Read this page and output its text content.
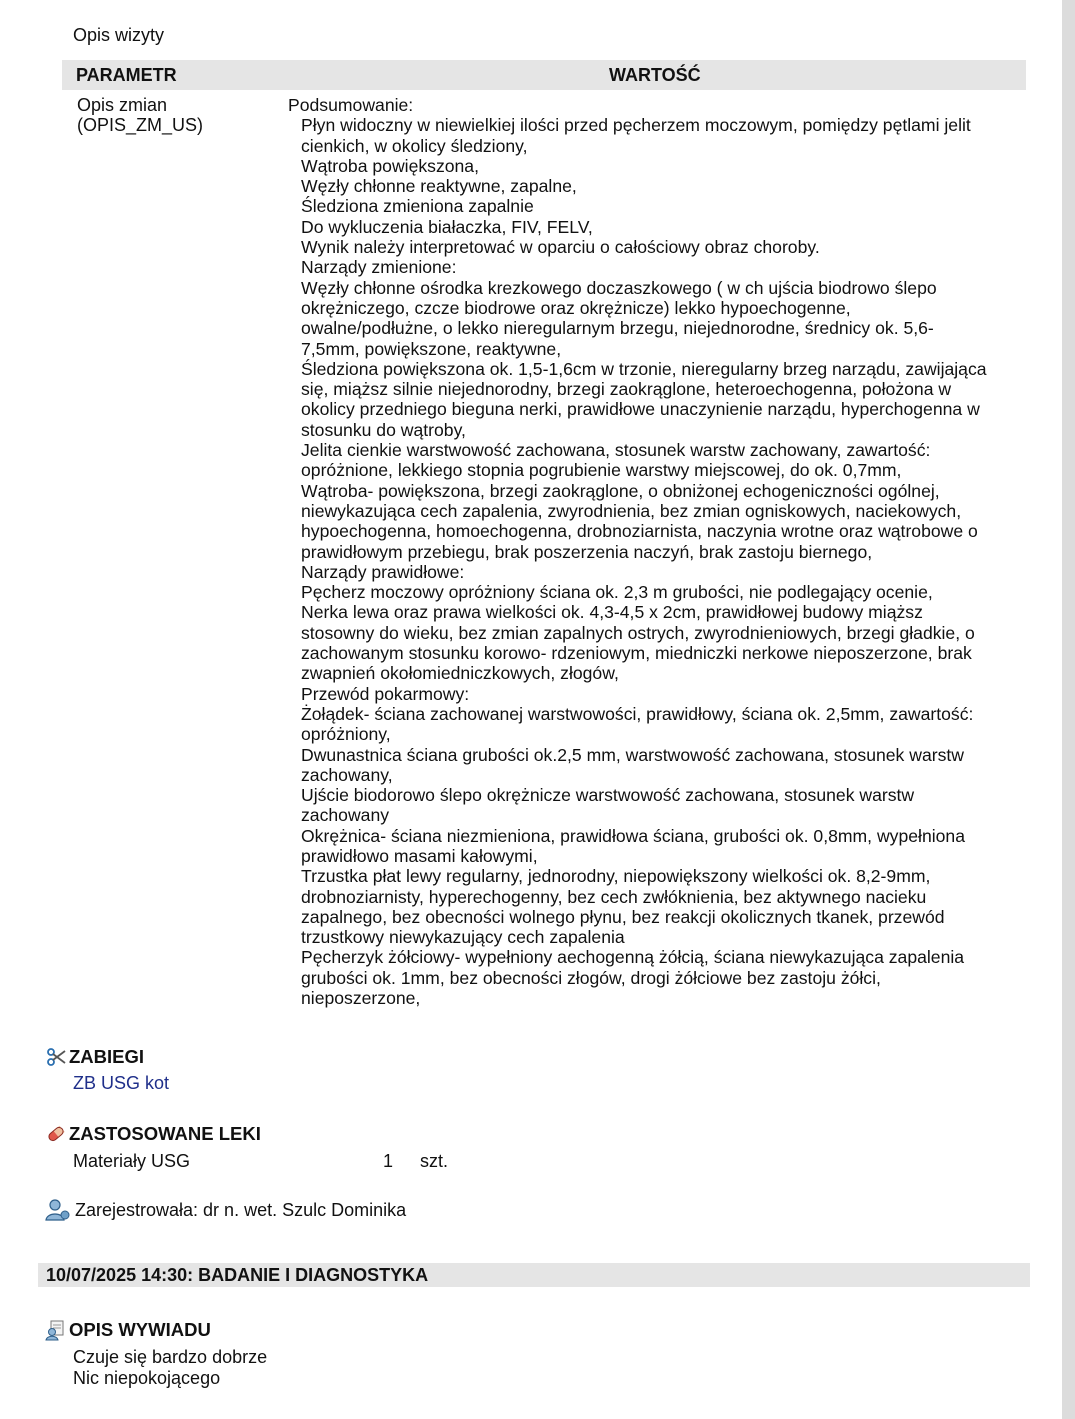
Opis wizyty
PARAMETR	WARTOŚĆ
Opis zmian
(OPIS_ZM_US)
Podsumowanie:
Płyn widoczny w niewielkiej ilości przed pęcherzem moczowym, pomiędzy pętlami jelit
cienkich, w okolicy śledziony,
Wątroba powiększona,
Węzły chłonne reaktywne, zapalne,
Śledziona zmieniona zapalnie
Do wykluczenia białaczka, FIV, FELV,
Wynik należy interpretować w oparciu o całościowy obraz choroby.
Narządy zmienione:
Węzły chłonne ośrodka krezkowego doczaszkowego ( w ch ujścia biodrowo ślepo
okrężniczego, czcze biodrowe oraz okrężnicze) lekko hypoechogenne,
owalne/podłużne, o lekko nieregularnym brzegu, niejednorodne, średnicy ok. 5,6-
7,5mm, powiększone, reaktywne,
Śledziona powiększona ok. 1,5-1,6cm w trzonie, nieregularny brzeg narządu, zawijająca
się, miąższ silnie niejednorodny, brzegi zaokrąglone, heteroechogenna, położona w
okolicy przedniego bieguna nerki, prawidłowe unaczynienie narządu, hyperchogenna w
stosunku do wątroby,
Jelita cienkie warstwowość zachowana, stosunek warstw zachowany, zawartość:
opróżnione, lekkiego stopnia pogrubienie warstwy miejscowej, do ok. 0,7mm,
Wątroba- powiększona, brzegi zaokrąglone, o obniżonej echogeniczności ogólnej,
niewykazująca cech zapalenia, zwyrodnienia, bez zmian ogniskowych, naciekowych,
hypoechogenna, homoechogenna, drobnoziarnista, naczynia wrotne oraz wątrobowe o
prawidłowym przebiegu, brak poszerzenia naczyń, brak zastoju biernego,
Narządy prawidłowe:
Pęcherz moczowy opróżniony ściana ok. 2,3 m grubości, nie podlegający ocenie,
Nerka lewa oraz prawa wielkości ok. 4,3-4,5 x 2cm, prawidłowej budowy miąższ
stosowny do wieku, bez zmian zapalnych ostrych, zwyrodnieniowych, brzegi gładkie, o
zachowanym stosunku korowo- rdzeniowym, miedniczki nerkowe nieposzerzone, brak
zwapnień okołomiedniczkowych, złogów,
Przewód pokarmowy:
Żołądek- ściana zachowanej warstwowości, prawidłowy, ściana ok. 2,5mm, zawartość:
opróżniony,
Dwunastnica ściana grubości ok.2,5 mm, warstwowość zachowana, stosunek warstw
zachowany,
Ujście biodorowo ślepo okrężnicze warstwowość zachowana, stosunek warstw
zachowany
Okrężnica- ściana niezmieniona, prawidłowa ściana, grubości ok. 0,8mm, wypełniona
prawidłowo masami kałowymi,
Trzustka płat lewy regularny, jednorodny, niepowiększony wielkości ok. 8,2-9mm,
drobnoziarnisty, hyperechogenny, bez cech zwłóknienia, bez aktywnego nacieku
zapalnego, bez obecności wolnego płynu, bez reakcji okolicznych tkanek, przewód
trzustkowy niewykazujący cech zapalenia
Pęcherzyk żółciowy- wypełniony aechogenną żółcią, ściana niewykazująca zapalenia
grubości ok. 1mm, bez obecności złogów, drogi żółciowe bez zastoju żółci,
nieposzerzone,
ZABIEGI
ZB USG kot
ZASTOSOWANE LEKI
Materiały USG	1 szt.
Zarejestrowała: dr n. wet. Szulc Dominika
10/07/2025 14:30: BADANIE I DIAGNOSTYKA
OPIS WYWIADU
Czuje się bardzo dobrze
Nic niepokojącego
